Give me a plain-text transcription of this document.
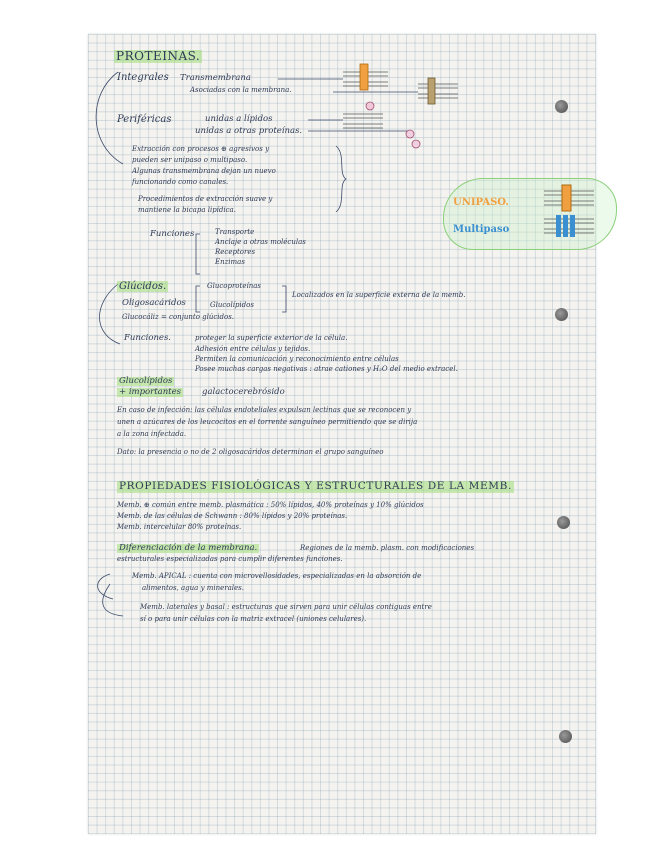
UNIPASO.
Multipaso
PROTEINAS.
Integrales Transmembrana
Asociadas con la membrana.
Periféricas	unidas a lípidos
unidas a otras proteínas.
Extracción con procesos ⊕ agresivos y
pueden ser unipaso o multipaso.
Algunas transmembrana dejan un nuevo
funcionando como canales.
Procedimientos de extracción suave y
mantiene la bicapa lipídica.
Funciones	Transporte
Anclaje a otras moléculas
Receptores
Enzimas
Glúcidos.	Glucoproteínas
Oligosacáridos	Glucolípidos
Localizados en la superficie externa de la memb.
Glucocáliz = conjunto glúcidos.
Funciones.	proteger la superficie exterior de la célula.
Adhesión entre células y tejidos.
Permiten la comunicación y reconocimiento entre células
Posee muchas cargas negativas : atrae cationes y H₂O del medio extracel.
Glucolípidos
+ importantes galactocerebrósido
En caso de infección: las células endoteliales expulsan lectinas que se reconocen y
unen a azúcares de los leucocitos en el torrente sanguíneo permitiendo que se dirija
a la zona infectada.
Dato: la presencia o no de 2 oligosacáridos determinan el grupo sanguíneo
PROPIEDADES FISIOLÓGICAS Y ESTRUCTURALES DE LA MEMB.
Memb. ⊕ común entre memb. plasmática : 50% lípidos, 40% proteínas y 10% glúcidos
Memb. de las células de Schwann : 80% lípidos y 20% proteínas.
Memb. intercelular 80% proteínas.
Diferenciación de la membrana.	Regiones de la memb. plasm. con modificaciones
estructurales especializadas para cumplir diferentes funciones.
Memb. APICAL : cuenta con microvellosidades, especializadas en la absorción de
alimentos, agua y minerales.
Memb. laterales y basal : estructuras que sirven para unir células contiguas entre
sí o para unir células con la matriz extracel (uniones celulares).
